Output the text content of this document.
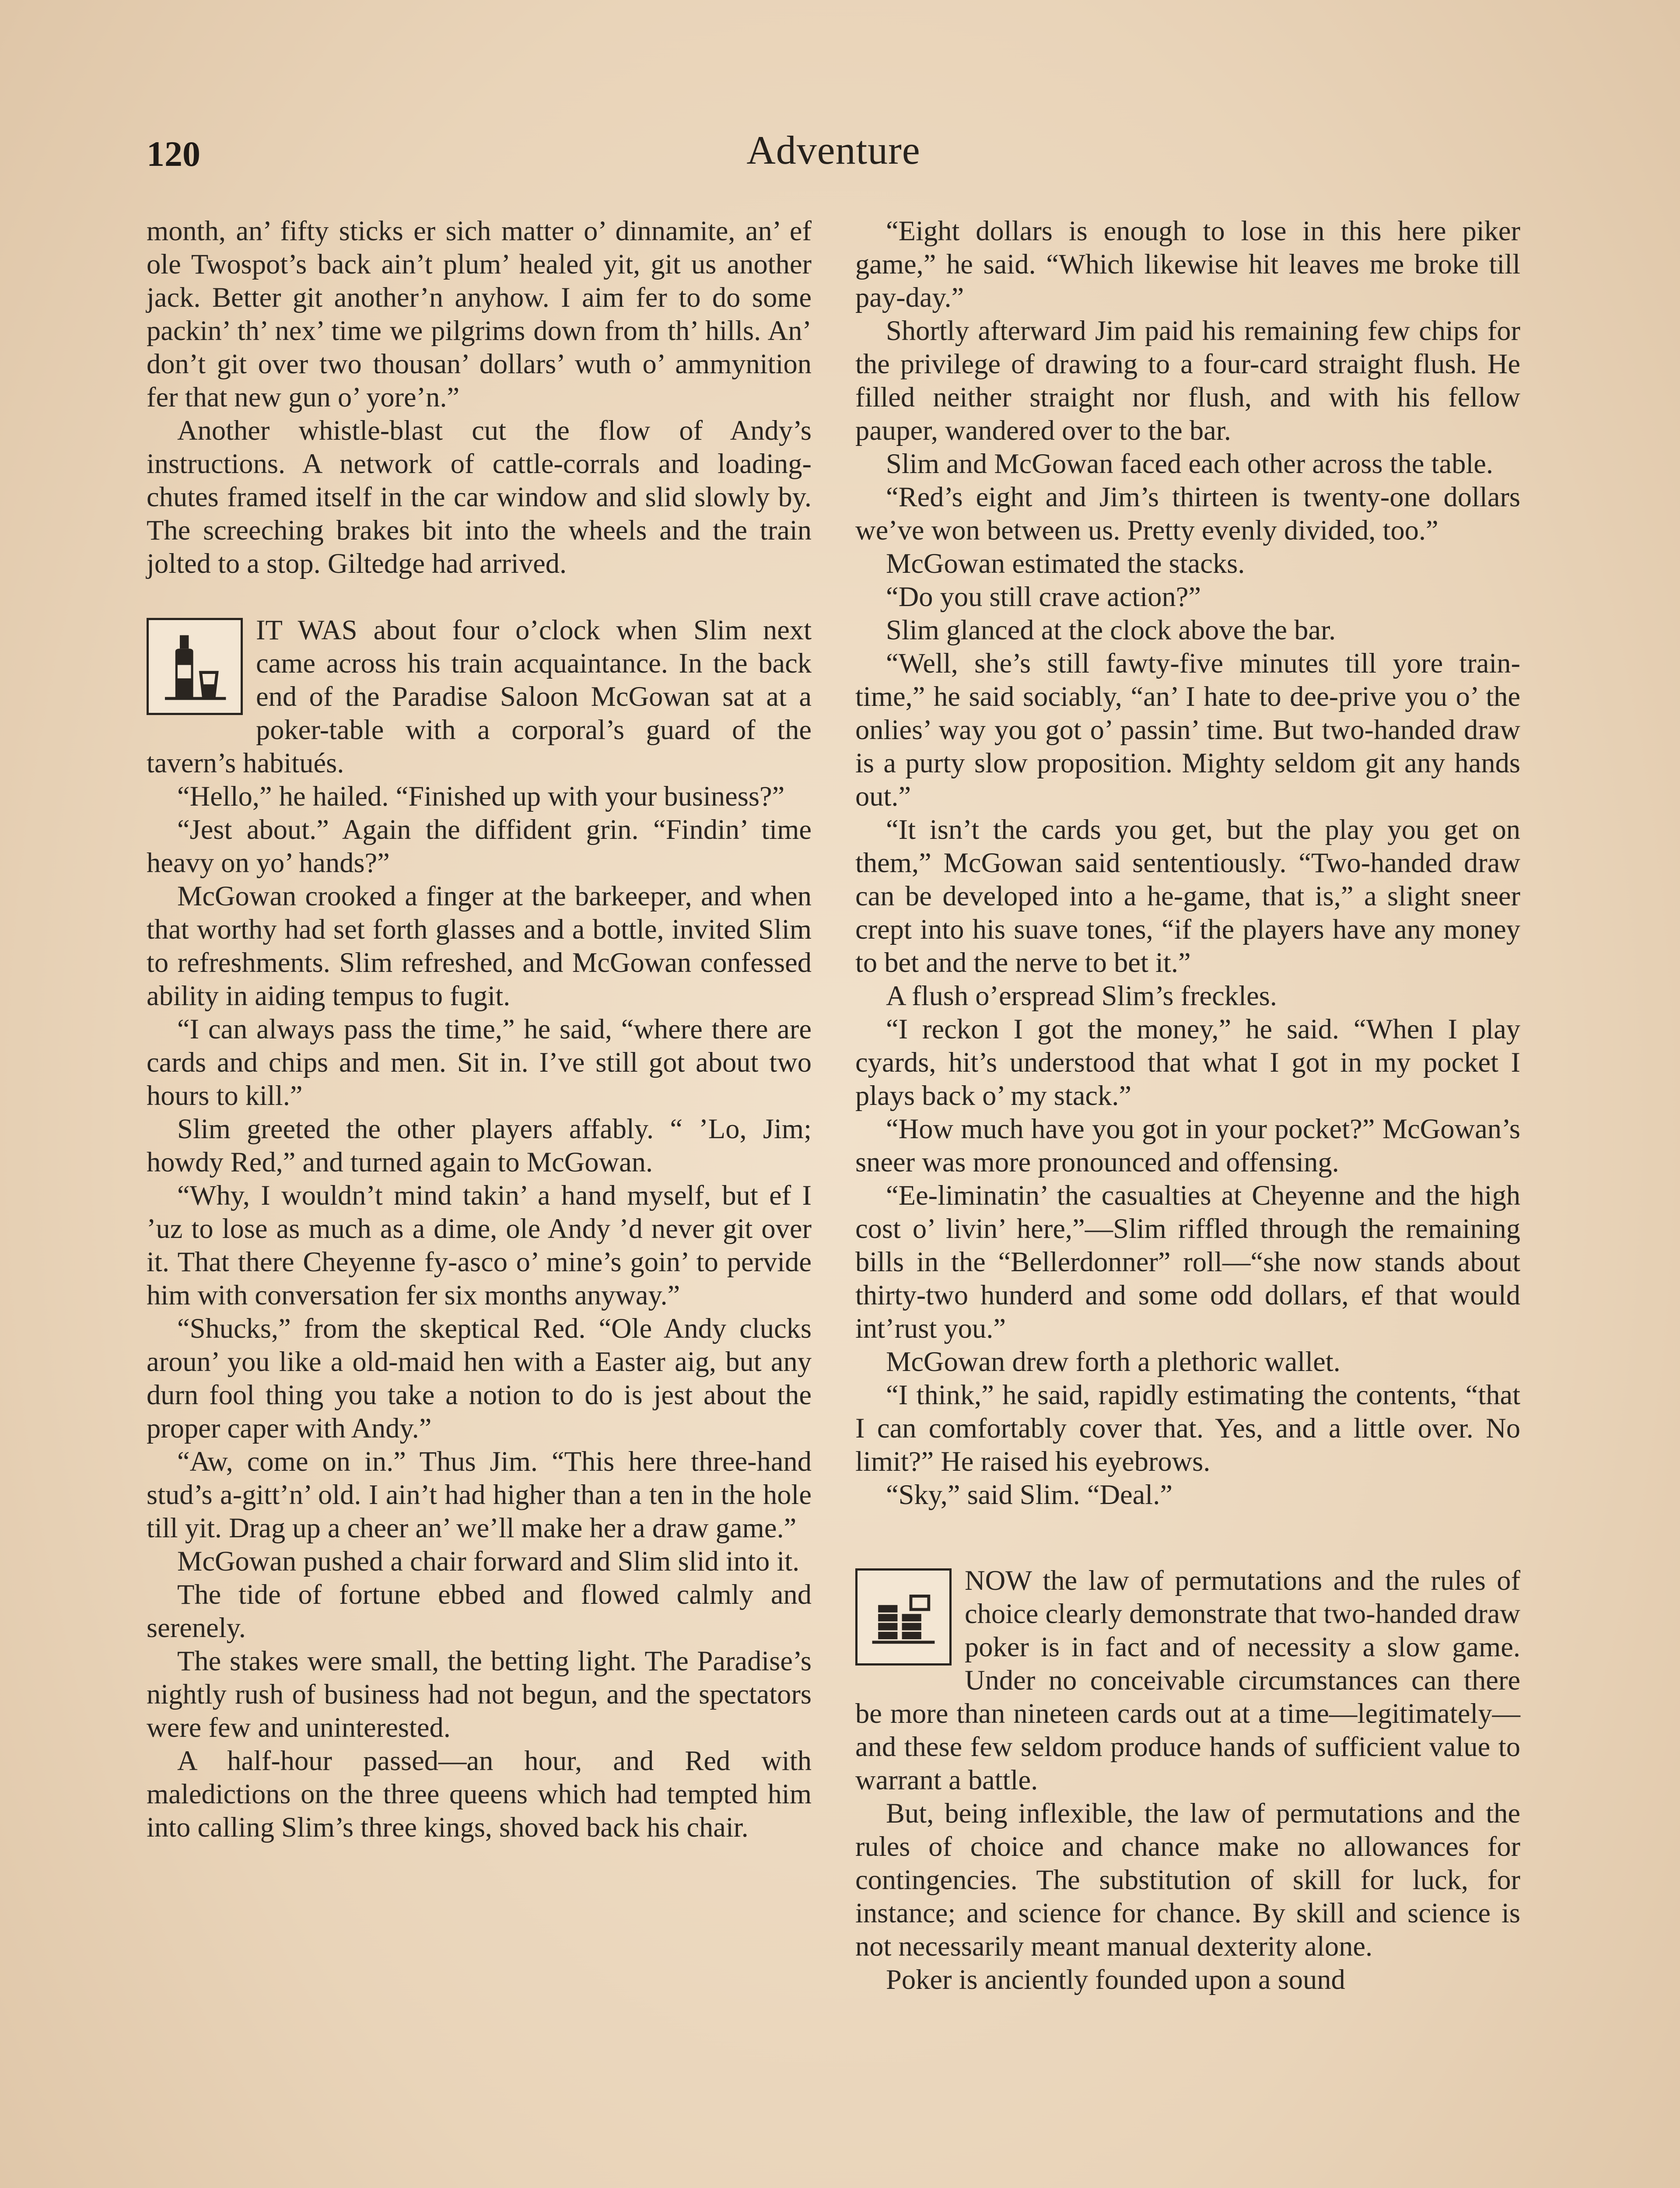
120	Adventure

month, an’ fifty sticks er sich matter o’ dinnamite, an’ ef ole Twospot’s back ain’t plum’ healed yit, git us another jack. Better git another’n anyhow. I aim fer to do some packin’ th’ nex’ time we pilgrims down from th’ hills. An’ don’t git over two thousan’ dollars’ wuth o’ ammynition fer that new gun o’ yore’n.”

Another whistle-blast cut the flow of Andy’s instructions. A network of cattle-corrals and loading-chutes framed itself in the car window and slid slowly by. The screeching brakes bit into the wheels and the train jolted to a stop. Giltedge had arrived.

IT WAS about four o’clock when Slim next came across his train acquaintance. In the back end of the Paradise Saloon McGowan sat at a poker-table with a corporal’s guard of the tavern’s habitués.

“Hello,” he hailed. “Finished up with your business?”

“Jest about.” Again the diffident grin. “Findin’ time heavy on yo’ hands?”

McGowan crooked a finger at the barkeeper, and when that worthy had set forth glasses and a bottle, invited Slim to refreshments. Slim refreshed, and McGowan confessed ability in aiding tempus to fugit.

“I can always pass the time,” he said, “where there are cards and chips and men. Sit in. I’ve still got about two hours to kill.”

Slim greeted the other players affably. “ ’Lo, Jim; howdy Red,” and turned again to McGowan.

“Why, I wouldn’t mind takin’ a hand myself, but ef I ’uz to lose as much as a dime, ole Andy ’d never git over it. That there Cheyenne fy-asco o’ mine’s goin’ to pervide him with conversation fer six months anyway.”

“Shucks,” from the skeptical Red. “Ole Andy clucks aroun’ you like a old-maid hen with a Easter aig, but any durn fool thing you take a notion to do is jest about the proper caper with Andy.”

“Aw, come on in.” Thus Jim. “This here three-hand stud’s a-gitt’n’ old. I ain’t had higher than a ten in the hole till yit. Drag up a cheer an’ we’ll make her a draw game.”

McGowan pushed a chair forward and Slim slid into it.

The tide of fortune ebbed and flowed calmly and serenely.

The stakes were small, the betting light. The Paradise’s nightly rush of business had not begun, and the spectators were few and uninterested.

A half-hour passed—an hour, and Red with maledictions on the three queens which had tempted him into calling Slim’s three kings, shoved back his chair.

“Eight dollars is enough to lose in this here piker game,” he said. “Which likewise hit leaves me broke till pay-day.”

Shortly afterward Jim paid his remaining few chips for the privilege of drawing to a four-card straight flush. He filled neither straight nor flush, and with his fellow pauper, wandered over to the bar.

Slim and McGowan faced each other across the table.

“Red’s eight and Jim’s thirteen is twenty-one dollars we’ve won between us. Pretty evenly divided, too.”

McGowan estimated the stacks.

“Do you still crave action?”

Slim glanced at the clock above the bar.

“Well, she’s still fawty-five minutes till yore train-time,” he said sociably, “an’ I hate to dee-prive you o’ the onlies’ way you got o’ passin’ time. But two-handed draw is a purty slow proposition. Mighty seldom git any hands out.”

“It isn’t the cards you get, but the play you get on them,” McGowan said sententiously. “Two-handed draw can be developed into a he-game, that is,” a slight sneer crept into his suave tones, “if the players have any money to bet and the nerve to bet it.”

A flush o’erspread Slim’s freckles.

“I reckon I got the money,” he said. “When I play cyards, hit’s understood that what I got in my pocket I plays back o’ my stack.”

“How much have you got in your pocket?” McGowan’s sneer was more pronounced and offensing.

“Ee-liminatin’ the casualties at Cheyenne and the high cost o’ livin’ here,”—Slim riffled through the remaining bills in the “Bellerdonner” roll—“she now stands about thirty-two hunderd and some odd dollars, ef that would int’rust you.”

McGowan drew forth a plethoric wallet.

“I think,” he said, rapidly estimating the contents, “that I can comfortably cover that. Yes, and a little over. No limit?” He raised his eyebrows.

“Sky,” said Slim. “Deal.”

NOW the law of permutations and the rules of choice clearly demonstrate that two-handed draw poker is in fact and of necessity a slow game. Under no conceivable circumstances can there be more than nineteen cards out at a time—legitimately—and these few seldom produce hands of sufficient value to warrant a battle.

But, being inflexible, the law of permutations and the rules of choice and chance make no allowances for contingencies. The substitution of skill for luck, for instance; and science for chance. By skill and science is not necessarily meant manual dexterity alone.

Poker is anciently founded upon a sound
